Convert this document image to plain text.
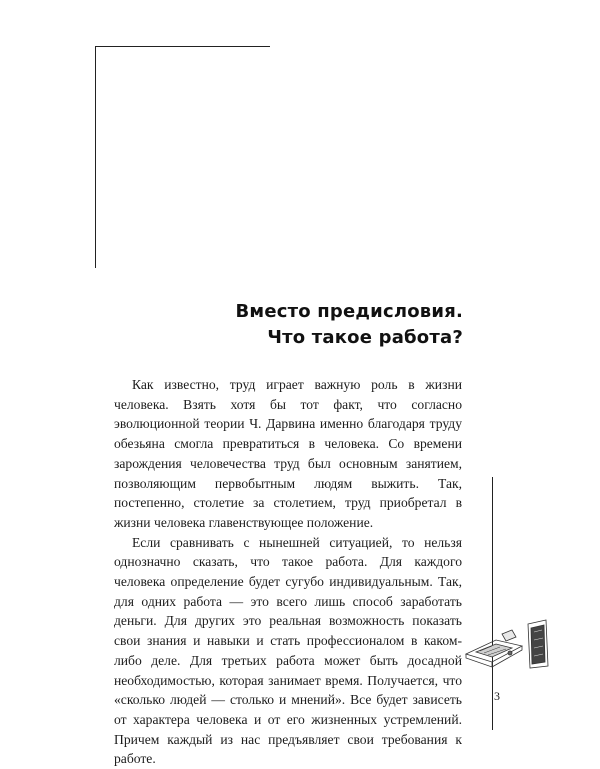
Вместо предисловия.
Что такое работа?

Как известно, труд играет важную роль в жизни человека. Взять хотя бы тот факт, что согласно эволюционной теории Ч. Дарвина именно благодаря труду обезьяна смогла превратиться в человека. Со времени зарождения человечества труд был основным занятием, позволяющим первобытным людям выжить. Так, постепенно, столетие за столетием, труд приобретал в жизни человека главенствующее положение.

Если сравнивать с нынешней ситуацией, то нельзя однозначно сказать, что такое работа. Для каждого человека определение будет сугубо индивидуальным. Так, для одних работа — это всего лишь способ заработать деньги. Для других это реальная возможность показать свои знания и навыки и стать профессионалом в каком-либо деле. Для третьих работа может быть досадной необходимостью, которая занимает время. Получается, что «сколько людей — столько и мнений». Все будет зависеть от характера человека и от его жизненных устремлений. Причем каждый из нас предъявляет свои требования к работе.

3
